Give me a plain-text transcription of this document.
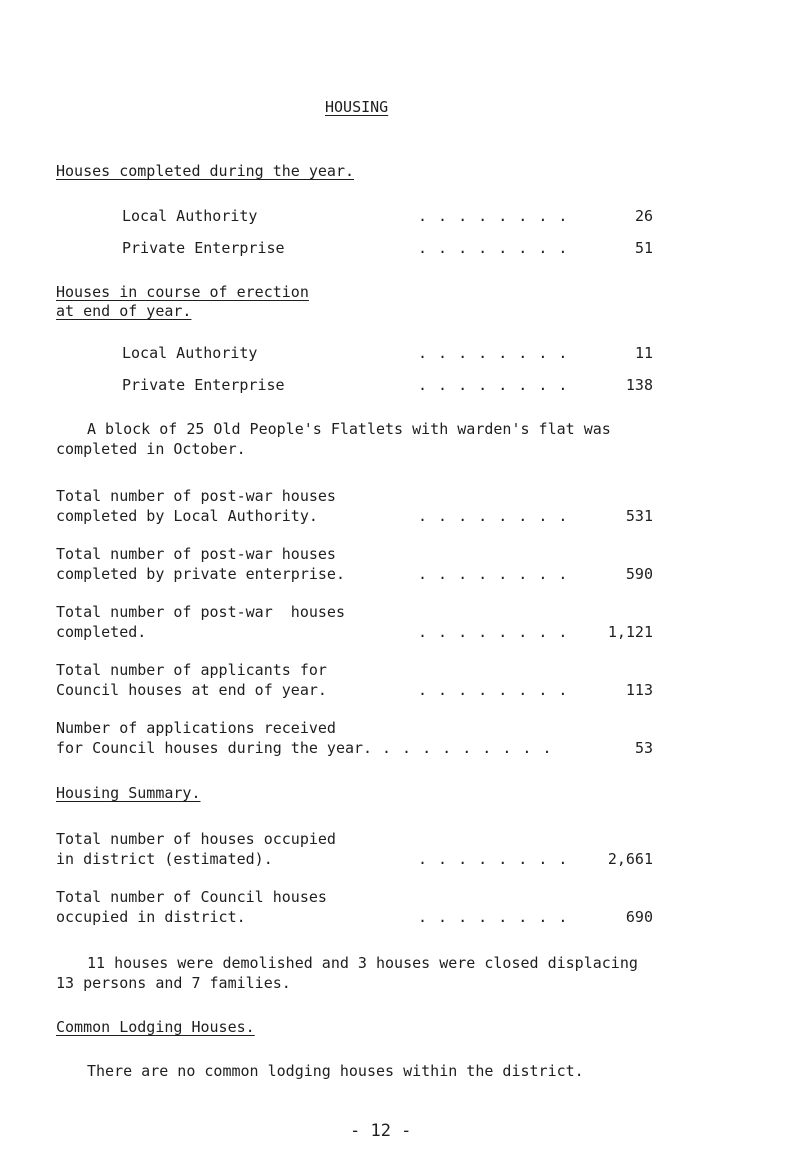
HOUSING
Houses completed during the year.
Local Authority	. . . . . . . .	26
Private Enterprise	. . . . . . . .	51
Houses in course of erection
at end of year.
Local Authority	. . . . . . . .	11
Private Enterprise	. . . . . . . .	138
A block of 25 Old People's Flatlets with warden's flat was
completed in October.
Total number of post-war houses
completed by Local Authority.	. . . . . . . .	531
Total number of post-war houses
completed by private enterprise.	. . . . . . . .	590
Total number of post-war  houses
completed.	. . . . . . . .	1,121
Total number of applicants for
Council houses at end of year.	. . . . . . . .	113
Number of applications received
for Council houses during the year. . . . . . . . . .	53
Housing Summary.
Total number of houses occupied
in district (estimated).	. . . . . . . .	2,661
Total number of Council houses
occupied in district.	. . . . . . . .	690
11 houses were demolished and 3 houses were closed displacing
13 persons and 7 families.
Common Lodging Houses.
There are no common lodging houses within the district.
- 12 -
